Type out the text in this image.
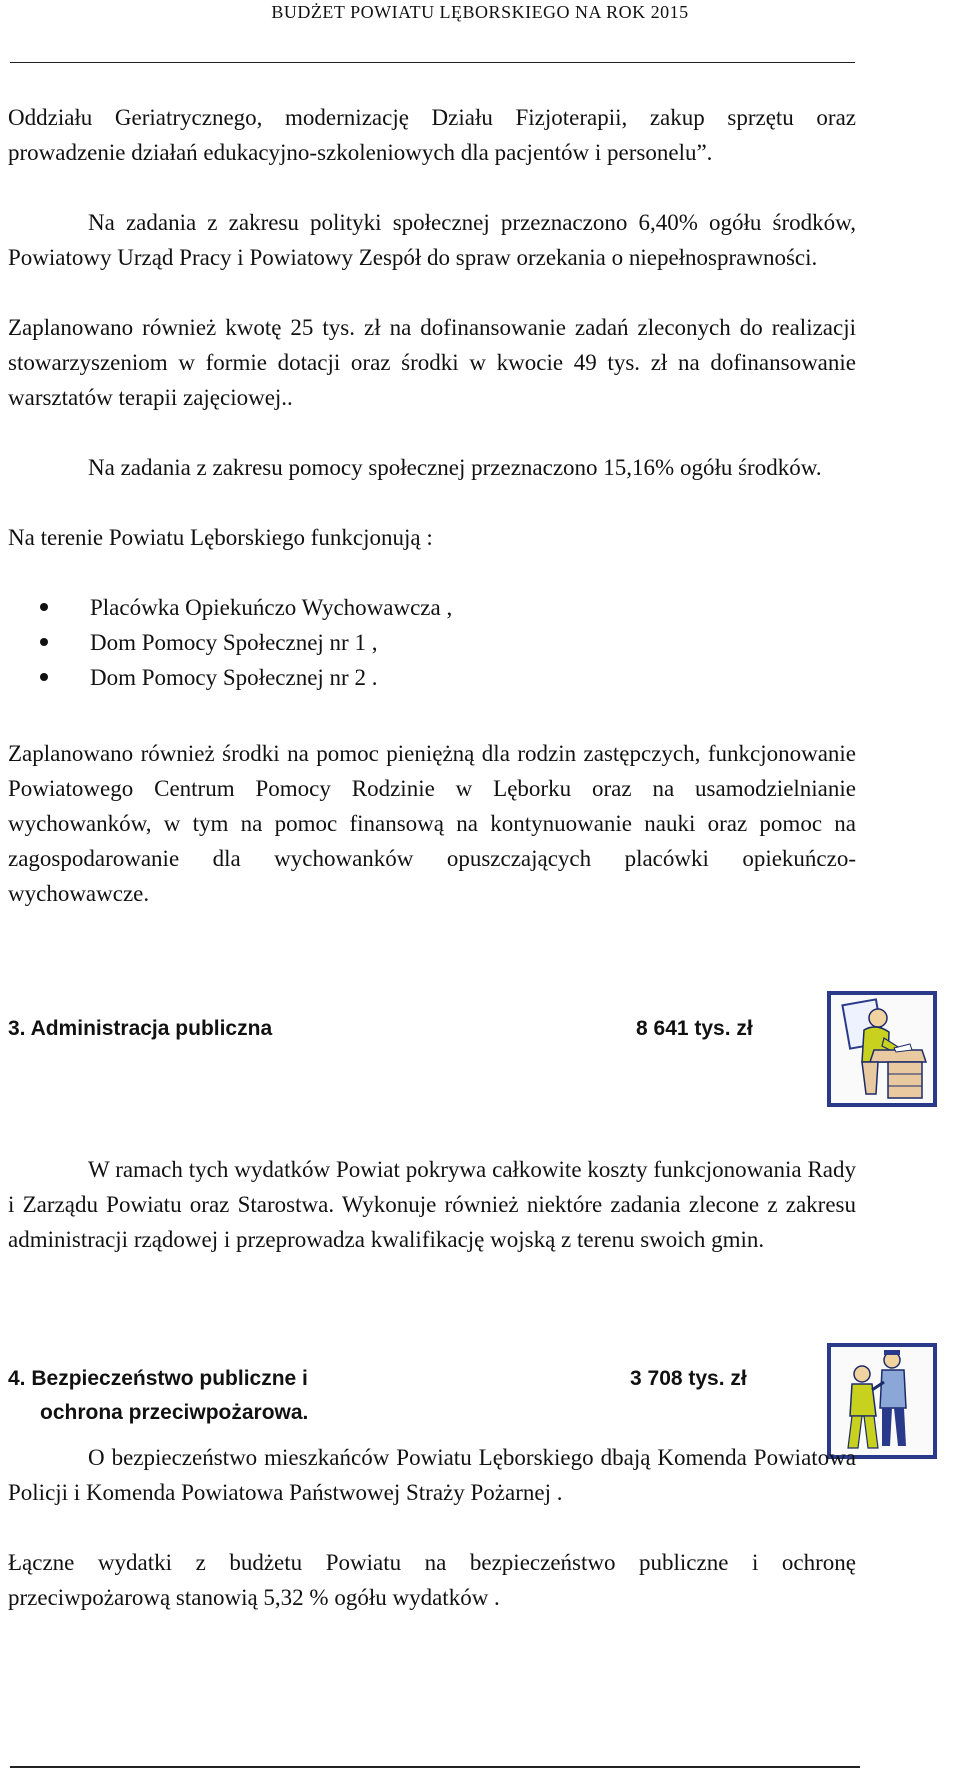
BUDŻET POWIATU LĘBORSKIEGO NA ROK 2015
Oddziału Geriatrycznego, modernizację Działu Fizjoterapii, zakup sprzętu oraz prowadzenie działań edukacyjno-szkoleniowych dla pacjentów i personelu”.
Na zadania z zakresu polityki społecznej przeznaczono 6,40% ogółu środków, Powiatowy Urząd Pracy i Powiatowy Zespół do spraw orzekania o niepełnosprawności.
Zaplanowano również kwotę 25 tys. zł na dofinansowanie zadań zleconych do realizacji stowarzyszeniom w formie dotacji oraz środki w kwocie 49 tys. zł na dofinansowanie warsztatów terapii zajęciowej..
Na zadania z zakresu pomocy społecznej przeznaczono 15,16% ogółu środków.
Na terenie Powiatu Lęborskiego funkcjonują :
Placówka Opiekuńczo Wychowawcza ,
Dom Pomocy Społecznej nr 1 ,
Dom Pomocy Społecznej nr 2 .
Zaplanowano również środki na pomoc pieniężną dla rodzin zastępczych, funkcjonowanie Powiatowego Centrum Pomocy Rodzinie w Lęborku oraz na usamodzielnianie wychowanków, w tym na pomoc finansową na kontynuowanie nauki oraz pomoc na zagospodarowanie dla wychowanków opuszczających placówki opiekuńczo-wychowawcze.
3. Administracja publiczna	8 641 tys. zł
W ramach tych wydatków Powiat pokrywa całkowite koszty funkcjonowania Rady i Zarządu Powiatu oraz Starostwa. Wykonuje również niektóre zadania zlecone z zakresu administracji rządowej i przeprowadza kwalifikację wojską z terenu swoich gmin.
4. Bezpieczeństwo publiczne i
ochrona przeciwpożarowa.
3 708 tys. zł
O bezpieczeństwo mieszkańców Powiatu Lęborskiego dbają Komenda Powiatowa Policji i Komenda Powiatowa Państwowej Straży Pożarnej .
Łączne wydatki z budżetu Powiatu na bezpieczeństwo publiczne i ochronę przeciwpożarową stanowią 5,32 % ogółu wydatków .
